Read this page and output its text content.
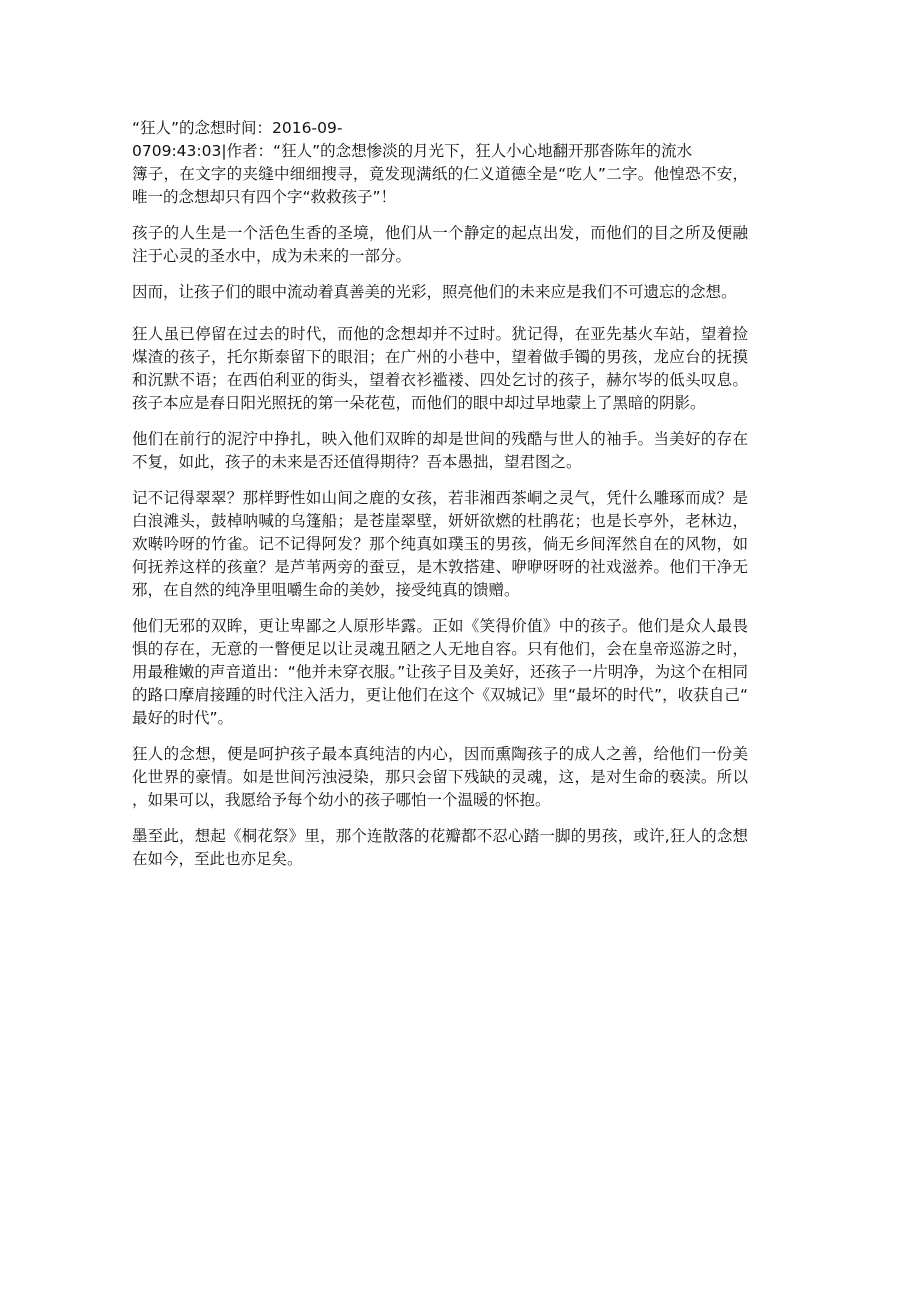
“狂人”的念想时间：2016-09-
0709:43:03|作者：“狂人”的念想惨淡的月光下，狂人小心地翻开那沓陈年的流水
簿子，在文字的夹缝中细细搜寻，竟发现满纸的仁义道德全是“吃人”二字。他惶恐不安，唯一的念想却只有四个字“救救孩子”！

孩子的人生是一个活色生香的圣境，他们从一个静定的起点出发，而他们的目之所及便融注于心灵的圣水中，成为未来的一部分。

因而，让孩子们的眼中流动着真善美的光彩，照亮他们的未来应是我们不可遗忘的念想。

狂人虽已停留在过去的时代，而他的念想却并不过时。犹记得，在亚先基火车站，望着捡煤渣的孩子，托尔斯泰留下的眼泪；在广州的小巷中，望着做手镯的男孩，龙应台的抚摸和沉默不语；在西伯利亚的街头，望着衣衫褴褛、四处乞讨的孩子，赫尔岑的低头叹息。孩子本应是春日阳光照抚的第一朵花苞，而他们的眼中却过早地蒙上了黑暗的阴影。

他们在前行的泥泞中挣扎，映入他们双眸的却是世间的残酷与世人的袖手。当美好的存在不复，如此，孩子的未来是否还值得期待？吾本愚拙，望君图之。

记不记得翠翠？那样野性如山间之鹿的女孩，若非湘西茶峒之灵气，凭什么雕琢而成？是白浪滩头，鼓棹呐喊的乌篷船；是苍崖翠壁，妍妍欲燃的杜鹃花；也是长亭外，老林边，欢啭吟呀的竹雀。记不记得阿发？那个纯真如璞玉的男孩，倘无乡间浑然自在的风物，如何抚养这样的孩童？是芦苇两旁的蚕豆，是木敦搭建、咿咿呀呀的社戏滋养。他们干净无邪，在自然的纯净里咀嚼生命的美妙，接受纯真的馈赠。

他们无邪的双眸，更让卑鄙之人原形毕露。正如《笑得价值》中的孩子。他们是众人最畏惧的存在，无意的一瞥便足以让灵魂丑陋之人无地自容。只有他们，会在皇帝巡游之时，用最稚嫩的声音道出：“他并未穿衣服。”让孩子目及美好，还孩子一片明净，为这个在相同的路口摩肩接踵的时代注入活力，更让他们在这个《双城记》里“最坏的时代”，收获自己“最好的时代”。

狂人的念想，便是呵护孩子最本真纯洁的内心，因而熏陶孩子的成人之善，给他们一份美化世界的豪情。如是世间污浊浸染，那只会留下残缺的灵魂，这，是对生命的亵渎。所以，如果可以，我愿给予每个幼小的孩子哪怕一个温暖的怀抱。

墨至此，想起《桐花祭》里，那个连散落的花瓣都不忍心踏一脚的男孩，或许,狂人的念想在如今，至此也亦足矣。
